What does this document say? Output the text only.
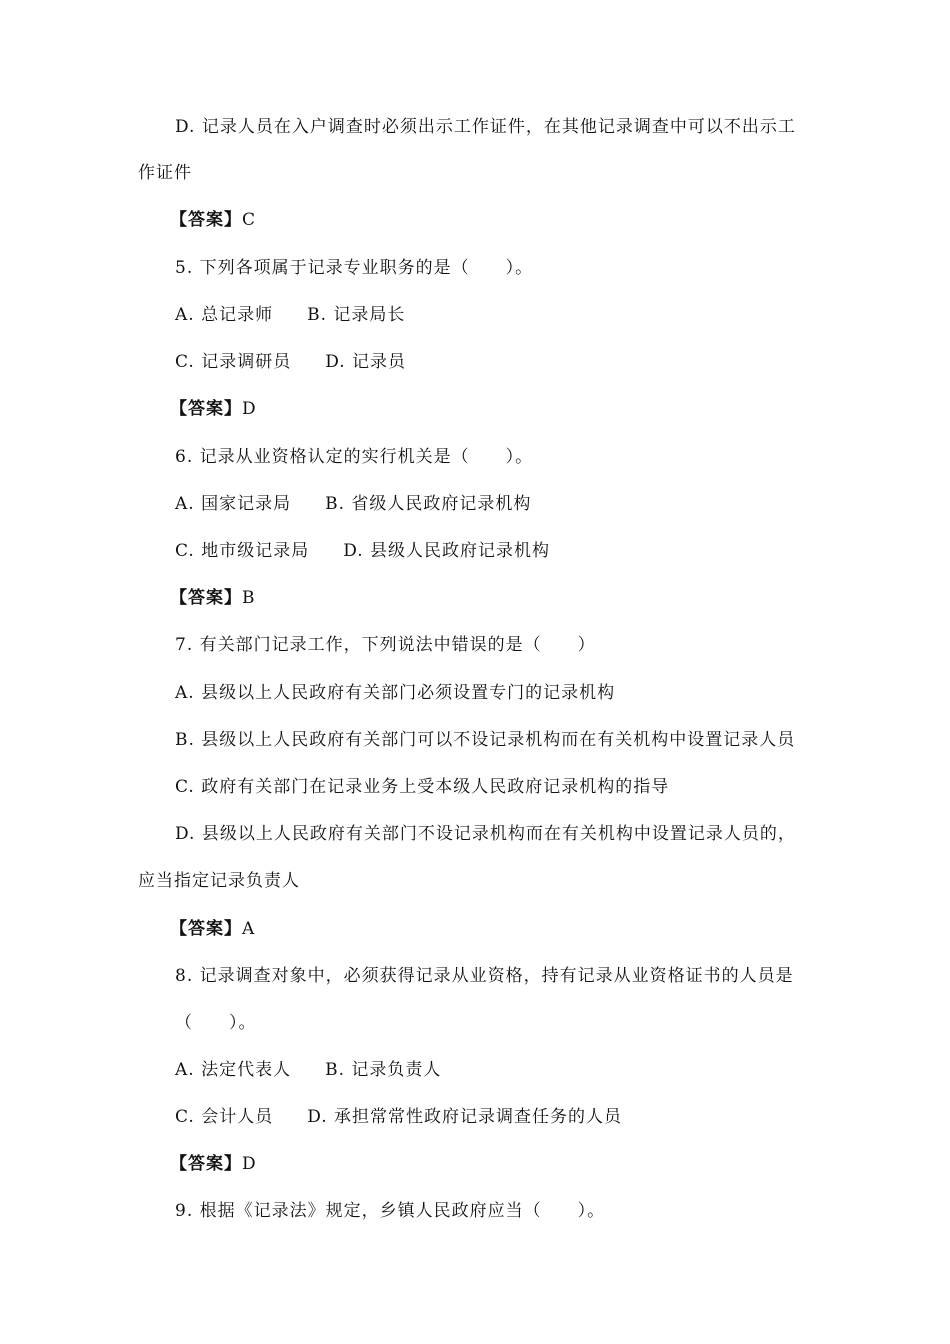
D. 记录人员在入户调查时必须出示工作证件，在其他记录调查中可以不出示工
作证件
【答案】C
5. 下列各项属于记录专业职务的是（　　）。
A. 总记录师 B. 记录局长
C. 记录调研员 D. 记录员
【答案】D
6. 记录从业资格认定的实行机关是（　　）。
A. 国家记录局 B. 省级人民政府记录机构
C. 地市级记录局 D. 县级人民政府记录机构
【答案】B
7. 有关部门记录工作，下列说法中错误的是（　　）
A. 县级以上人民政府有关部门必须设置专门的记录机构
B. 县级以上人民政府有关部门可以不设记录机构而在有关机构中设置记录人员
C. 政府有关部门在记录业务上受本级人民政府记录机构的指导
D. 县级以上人民政府有关部门不设记录机构而在有关机构中设置记录人员的，
应当指定记录负责人
【答案】A
8. 记录调查对象中，必须获得记录从业资格，持有记录从业资格证书的人员是
（　　）。
A. 法定代表人 B. 记录负责人
C. 会计人员 D. 承担常常性政府记录调查任务的人员
【答案】D
9. 根据《记录法》规定，乡镇人民政府应当（　　）。
